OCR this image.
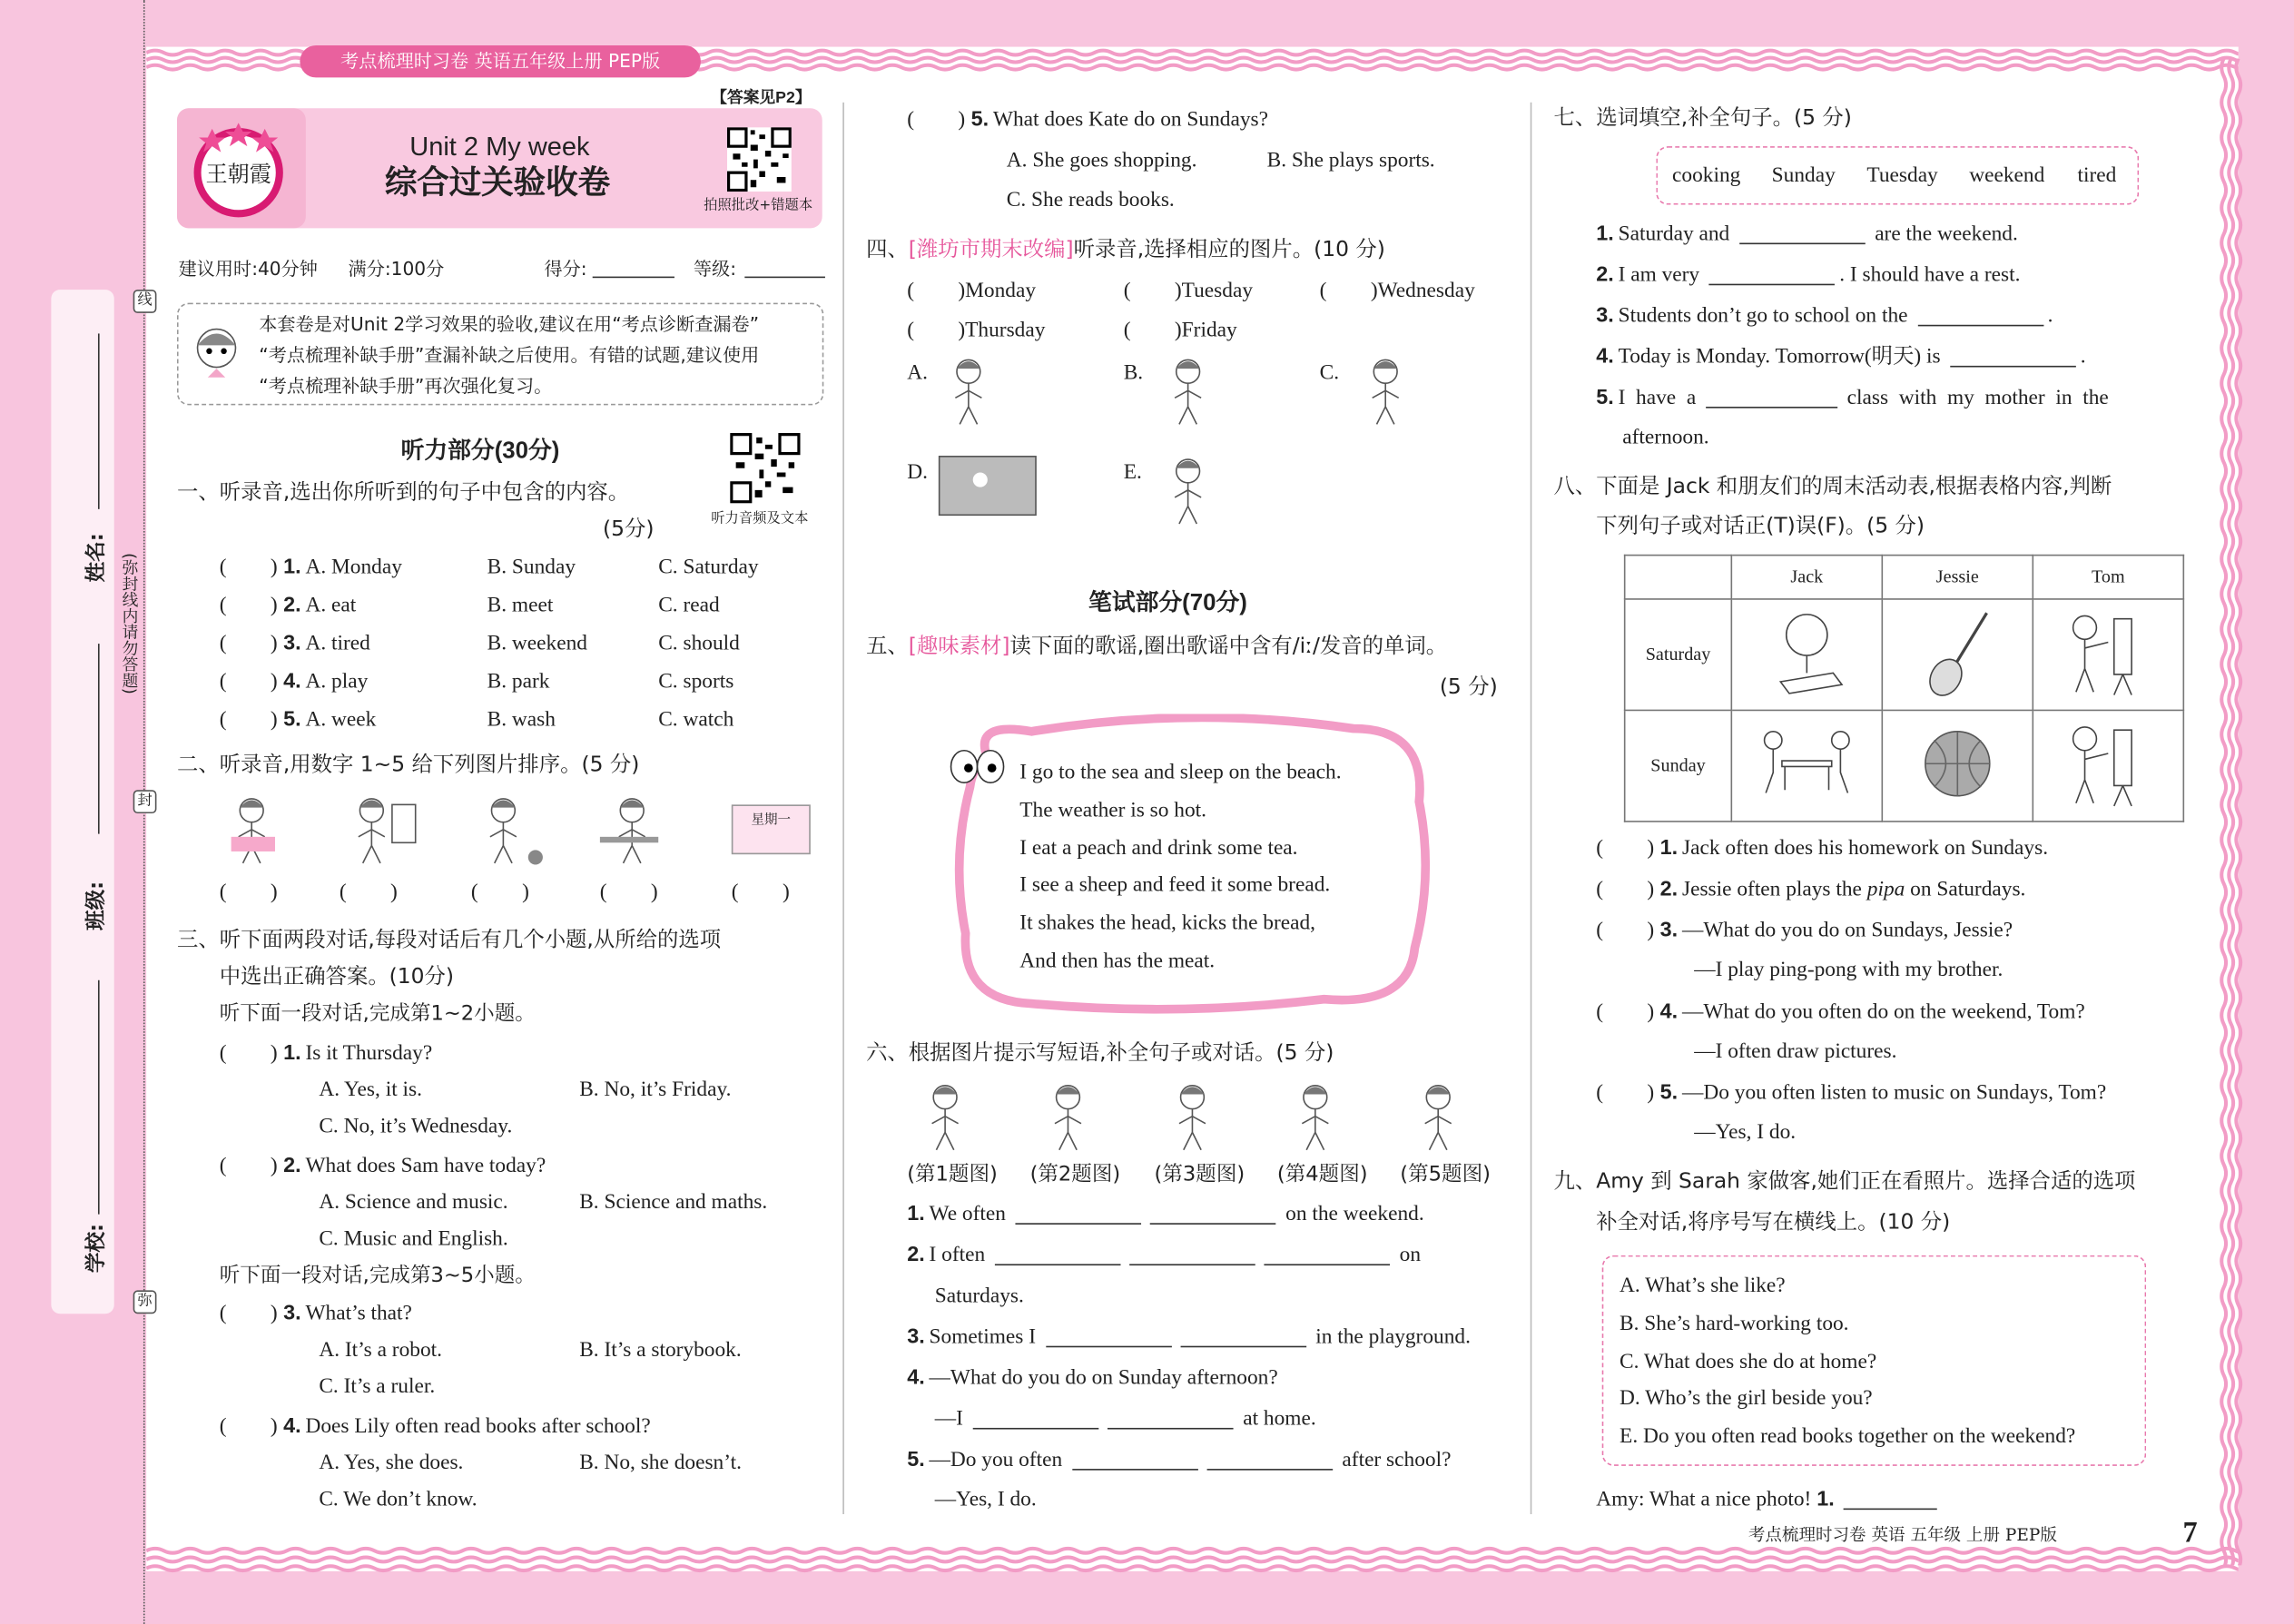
姓名:
班级:
学校:
(弥封线内请勿答题)
线
封
弥
考点梳理时习卷 英语五年级上册 PEP版
【答案见P2】
王朝霞
Unit 2 My week
综合过关验收卷
拍照批改+错题本
建议用时:40分钟	满分:100分	得分:	等级:
本套卷是对Unit 2学习效果的验收,建议在用“考点诊断查漏卷”
“考点梳理补缺手册”查漏补缺之后使用。有错的试题,建议使用
“考点梳理补缺手册”再次强化复习。
听力部分(30分)
听力音频及文本
一、听录音,选出你所听到的句子中包含的内容。
(5分)
( )1. A. Monday	B. Sunday	C. Saturday
( )2. A. eat	B. meet	C. read
( )3. A. tired	B. weekend	C. should
( )4. A. play	B. park	C. sports
( )5. A. week	B. wash	C. watch
二、听录音,用数字 1~5 给下列图片排序。(5 分)
( )
( )
( )
( )
星期一
( )
三、听下面两段对话,每段对话后有几个小题,从所给的选项
中选出正确答案。(10分)
听下面一段对话,完成第1~2小题。
听下面一段对话,完成第3~5小题。
( )1. Is it Thursday?
A. Yes, it is.	B. No, it’s Friday.
C. No, it’s Wednesday.
( )2. What does Sam have today?
A. Science and music.	B. Science and maths.
C. Music and English.
( )3. What’s that?
A. It’s a robot.	B. It’s a storybook.
C. It’s a ruler.
( )4. Does Lily often read books after school?
A. Yes, she does.	B. No, she doesn’t.
C. We don’t know.
( )5. What does Kate do on Sundays?
A. She goes shopping.	B. She plays sports.
C. She reads books.
四、[潍坊市期末改编]听录音,选择相应的图片。(10 分)
( )Monday ( )	Tuesday ( )	Wednesday
( )Thursday ( )	Friday
A.	B.	C.
D.	E.
笔试部分(70分)
五、[趣味素材]读下面的歌谣,圈出歌谣中含有/iː/发音的单词。
(5 分)
I go to the sea and sleep on the beach.
The weather is so hot.
I eat a peach and drink some tea.
I see a sheep and feed it some bread.
It shakes the head, kicks the bread,
And then has the meat.
六、根据图片提示写短语,补全句子或对话。(5 分)
(第1题图)	(第2题图)	(第3题图)	(第4题图)	(第5题图)
1. We often	on the weekend.
2. I often	on
Saturdays.
3. Sometimes I	in the playground.
4. —What do you do on Sunday afternoon?
—I	at home.
5. —Do you often	after school?
—Yes, I do.
七、选词填空,补全句子。(5 分)
cooking Sunday Tuesday weekend tired
1. Saturday and	are the weekend.
2. I am very	. I should have a rest.
3. Students don’t go to school on the	.
4. Today is Monday. Tomorrow(明天) is	.
5. I  have  a	class  with  my  mother  in  the
afternoon.
八、下面是 Jack 和朋友们的周末活动表,根据表格内容,判断
下列句子或对话正(T)误(F)。(5 分)
	Jack	Jessie	Tom
Saturday			
Sunday			
( )1. Jack often does his homework on Sundays.
( )2. Jessie often plays the pipa on Saturdays.
( )3. —What do you do on Sundays, Jessie?
—I play ping-pong with my brother.
( )4. —What do you often do on the weekend, Tom?
—I often draw pictures.
( )5. —Do you often listen to music on Sundays, Tom?
—Yes, I do.
九、Amy 到 Sarah 家做客,她们正在看照片。选择合适的选项
补全对话,将序号写在横线上。(10 分)
A. What’s she like?
B. She’s hard-working too.
C. What does she do at home?
D. Who’s the girl beside you?
E. Do you often read books together on the weekend?
Amy: What a nice photo! 1.
考点梳理时习卷 英语 五年级 上册 PEP版	7
